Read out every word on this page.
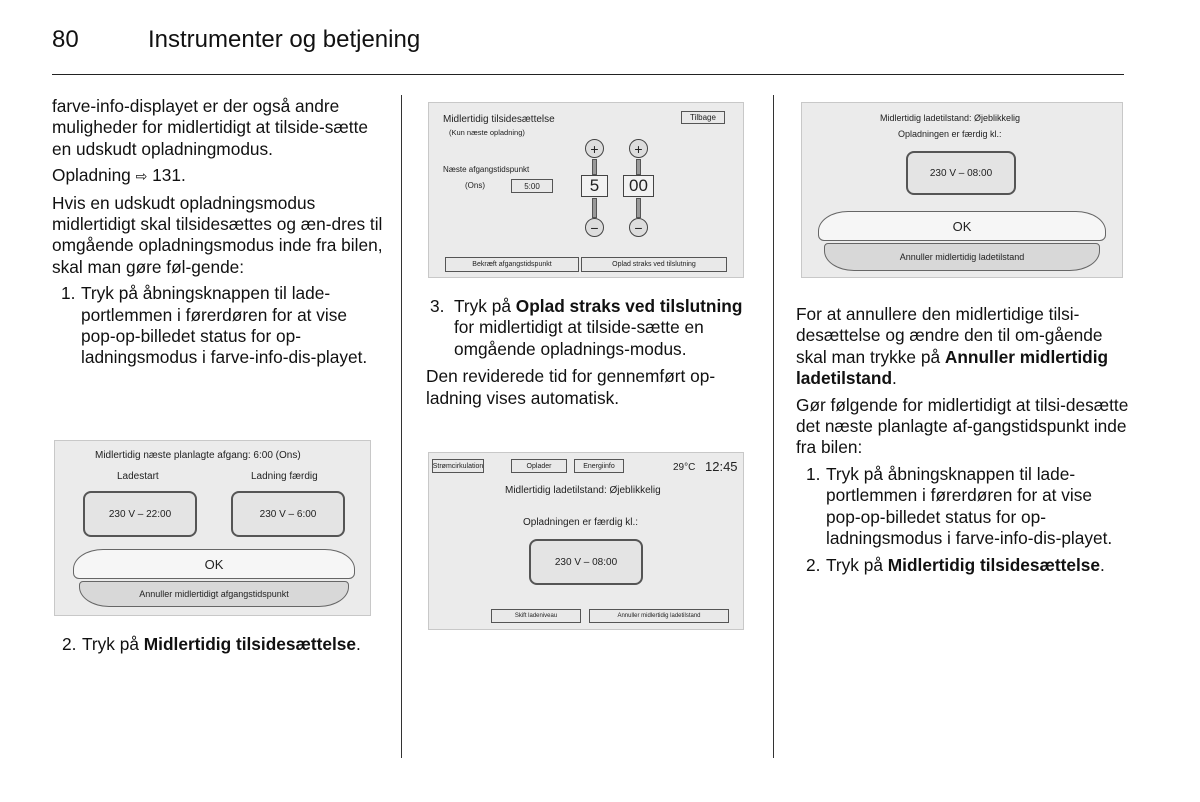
80	Instrumenter og betjening

farve-info-displayet er der også andre muligheder for midlertidigt at tilside-sætte en udskudt opladningmodus.

Opladning ⇨ 131.

Hvis en udskudt opladningsmodus midlertidigt skal tilsidesættes og æn-dres til omgående opladningsmodus inde fra bilen, skal man gøre føl-gende:

1. Tryk på åbningsknappen til lade-portlemmen i førerdøren for at vise pop-op-billedet status for op-ladningsmodus i farve-info-dis-playet.
Midlertidig næste planlagte afgang: 6:00 (Ons)
Ladestart	Ladning færdig
230 V – 22:00	230 V – 6:00
OK
Annuller midlertidigt afgangstidspunkt
2. Tryk på Midlertidig tilsidesættelse.
Midlertidig tilsidesættelse
(Kun næste opladning)
Tilbage
Næste afgangstidspunkt
(Ons)	5:00
+
5
−
+
00
−
Bekræft afgangstidspunkt	Oplad straks ved tilslutning
3. Tryk på Oplad straks ved tilslutning for midlertidigt at tilside-sætte en omgående opladnings-modus.

Den reviderede tid for gennemført op-ladning vises automatisk.

Strømcirkulation	Oplader	Energiinfo	29°C 12:45
Midlertidig ladetilstand: Øjeblikkelig
Opladningen er færdig kl.:
230 V – 08:00
Skift ladeniveau	Annuller midlertidig ladetilstand
Midlertidig ladetilstand: Øjeblikkelig
Opladningen er færdig kl.:
230 V – 08:00
OK
Annuller midlertidig ladetilstand

For at annullere den midlertidige tilsi-desættelse og ændre den til om-gående skal man trykke på Annuller midlertidig ladetilstand.

Gør følgende for midlertidigt at tilsi-desætte det næste planlagte af-gangstidspunkt inde fra bilen:

1. Tryk på åbningsknappen til lade-portlemmen i førerdøren for at vise pop-op-billedet status for op-ladningsmodus i farve-info-dis-playet.
2. Tryk på Midlertidig tilsidesættelse.
